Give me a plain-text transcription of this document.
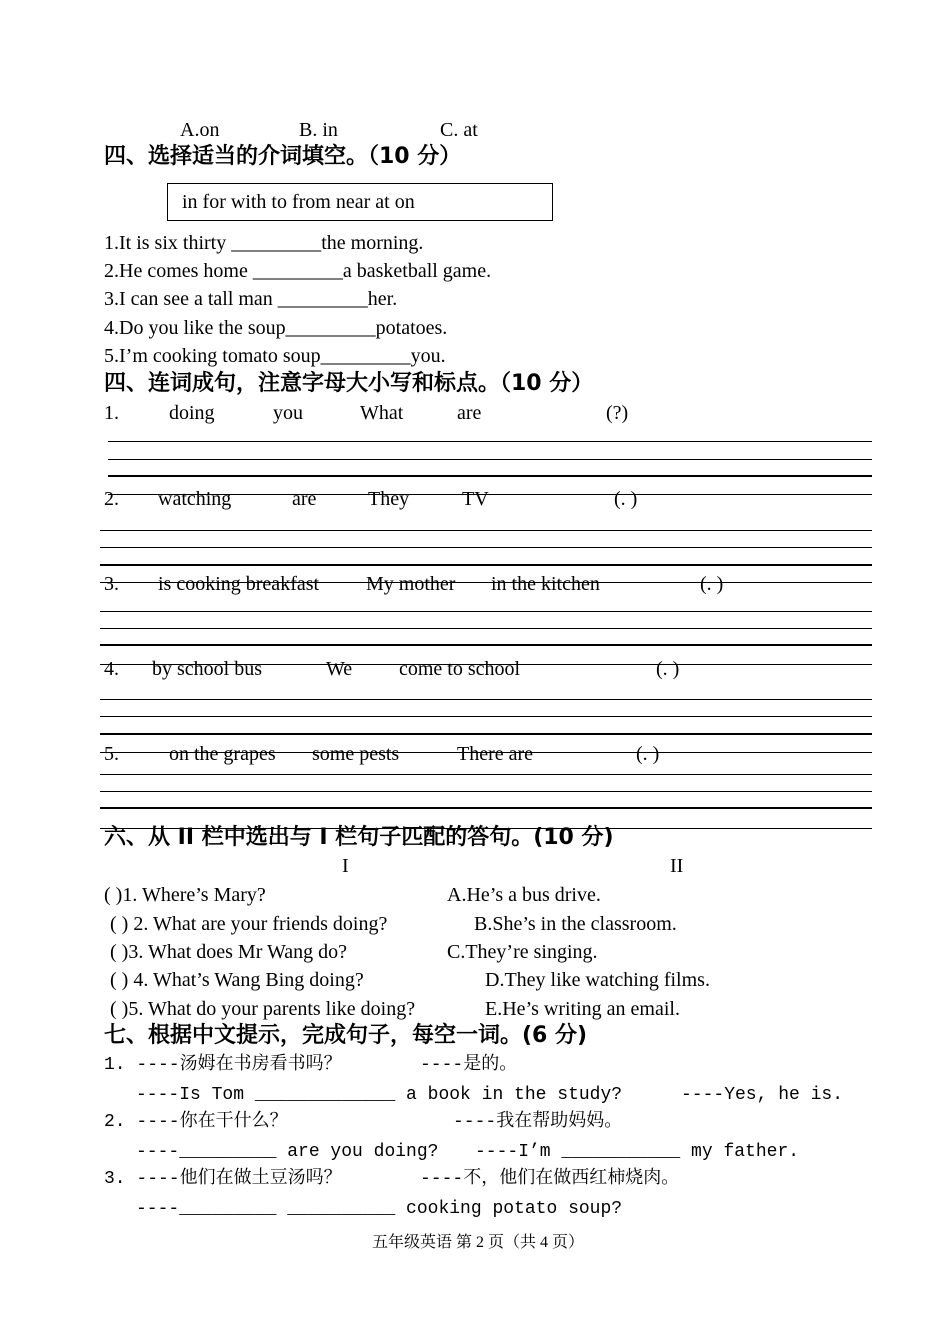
A.on	B. in	C. at
四、选择适当的介词填空。（10 分）
in for with to from near at on
1.It is six thirty _________the morning.
2.He comes home _________a basketball game.
3.I can see a tall man _________her.
4.Do you like the soup_________potatoes.
5.I’m cooking tomato soup_________you.
四、连词成句，注意字母大小写和标点。（10 分）
1.	doing	you	What	are	(?)
2. watching	are	They	TV	(. )
3. is cooking breakfast My mother in the kitchen	(. )
4. by school bus	We come to school	(. )
5.	on the grapes some pests	There are	(. )
六、从 II 栏中选出与 I 栏句子匹配的答句。(10 分)
I	II
( )1. Where’s Mary?	A.He’s a bus drive.
( ) 2. What are your friends doing?	B.She’s in the classroom.
( )3. What does Mr Wang do?	C.They’re singing.
( ) 4. What’s Wang Bing doing?	D.They like watching films.
( )5. What do your parents like doing?	E.He’s writing an email.
七、根据中文提示，完成句子，每空一词。(6 分)
1. ----汤姆在书房看书吗？	----是的。
----Is Tom _____________ a book in the study?	----Yes, he is.
2. ----你在干什么？	----我在帮助妈妈。
----_________ are you doing? ----I’m ___________ my father.
3. ----他们在做土豆汤吗？	----不，他们在做西红柿烧肉。
----_________ __________ cooking potato soup?
五年级英语 第 2 页（共 4 页）
